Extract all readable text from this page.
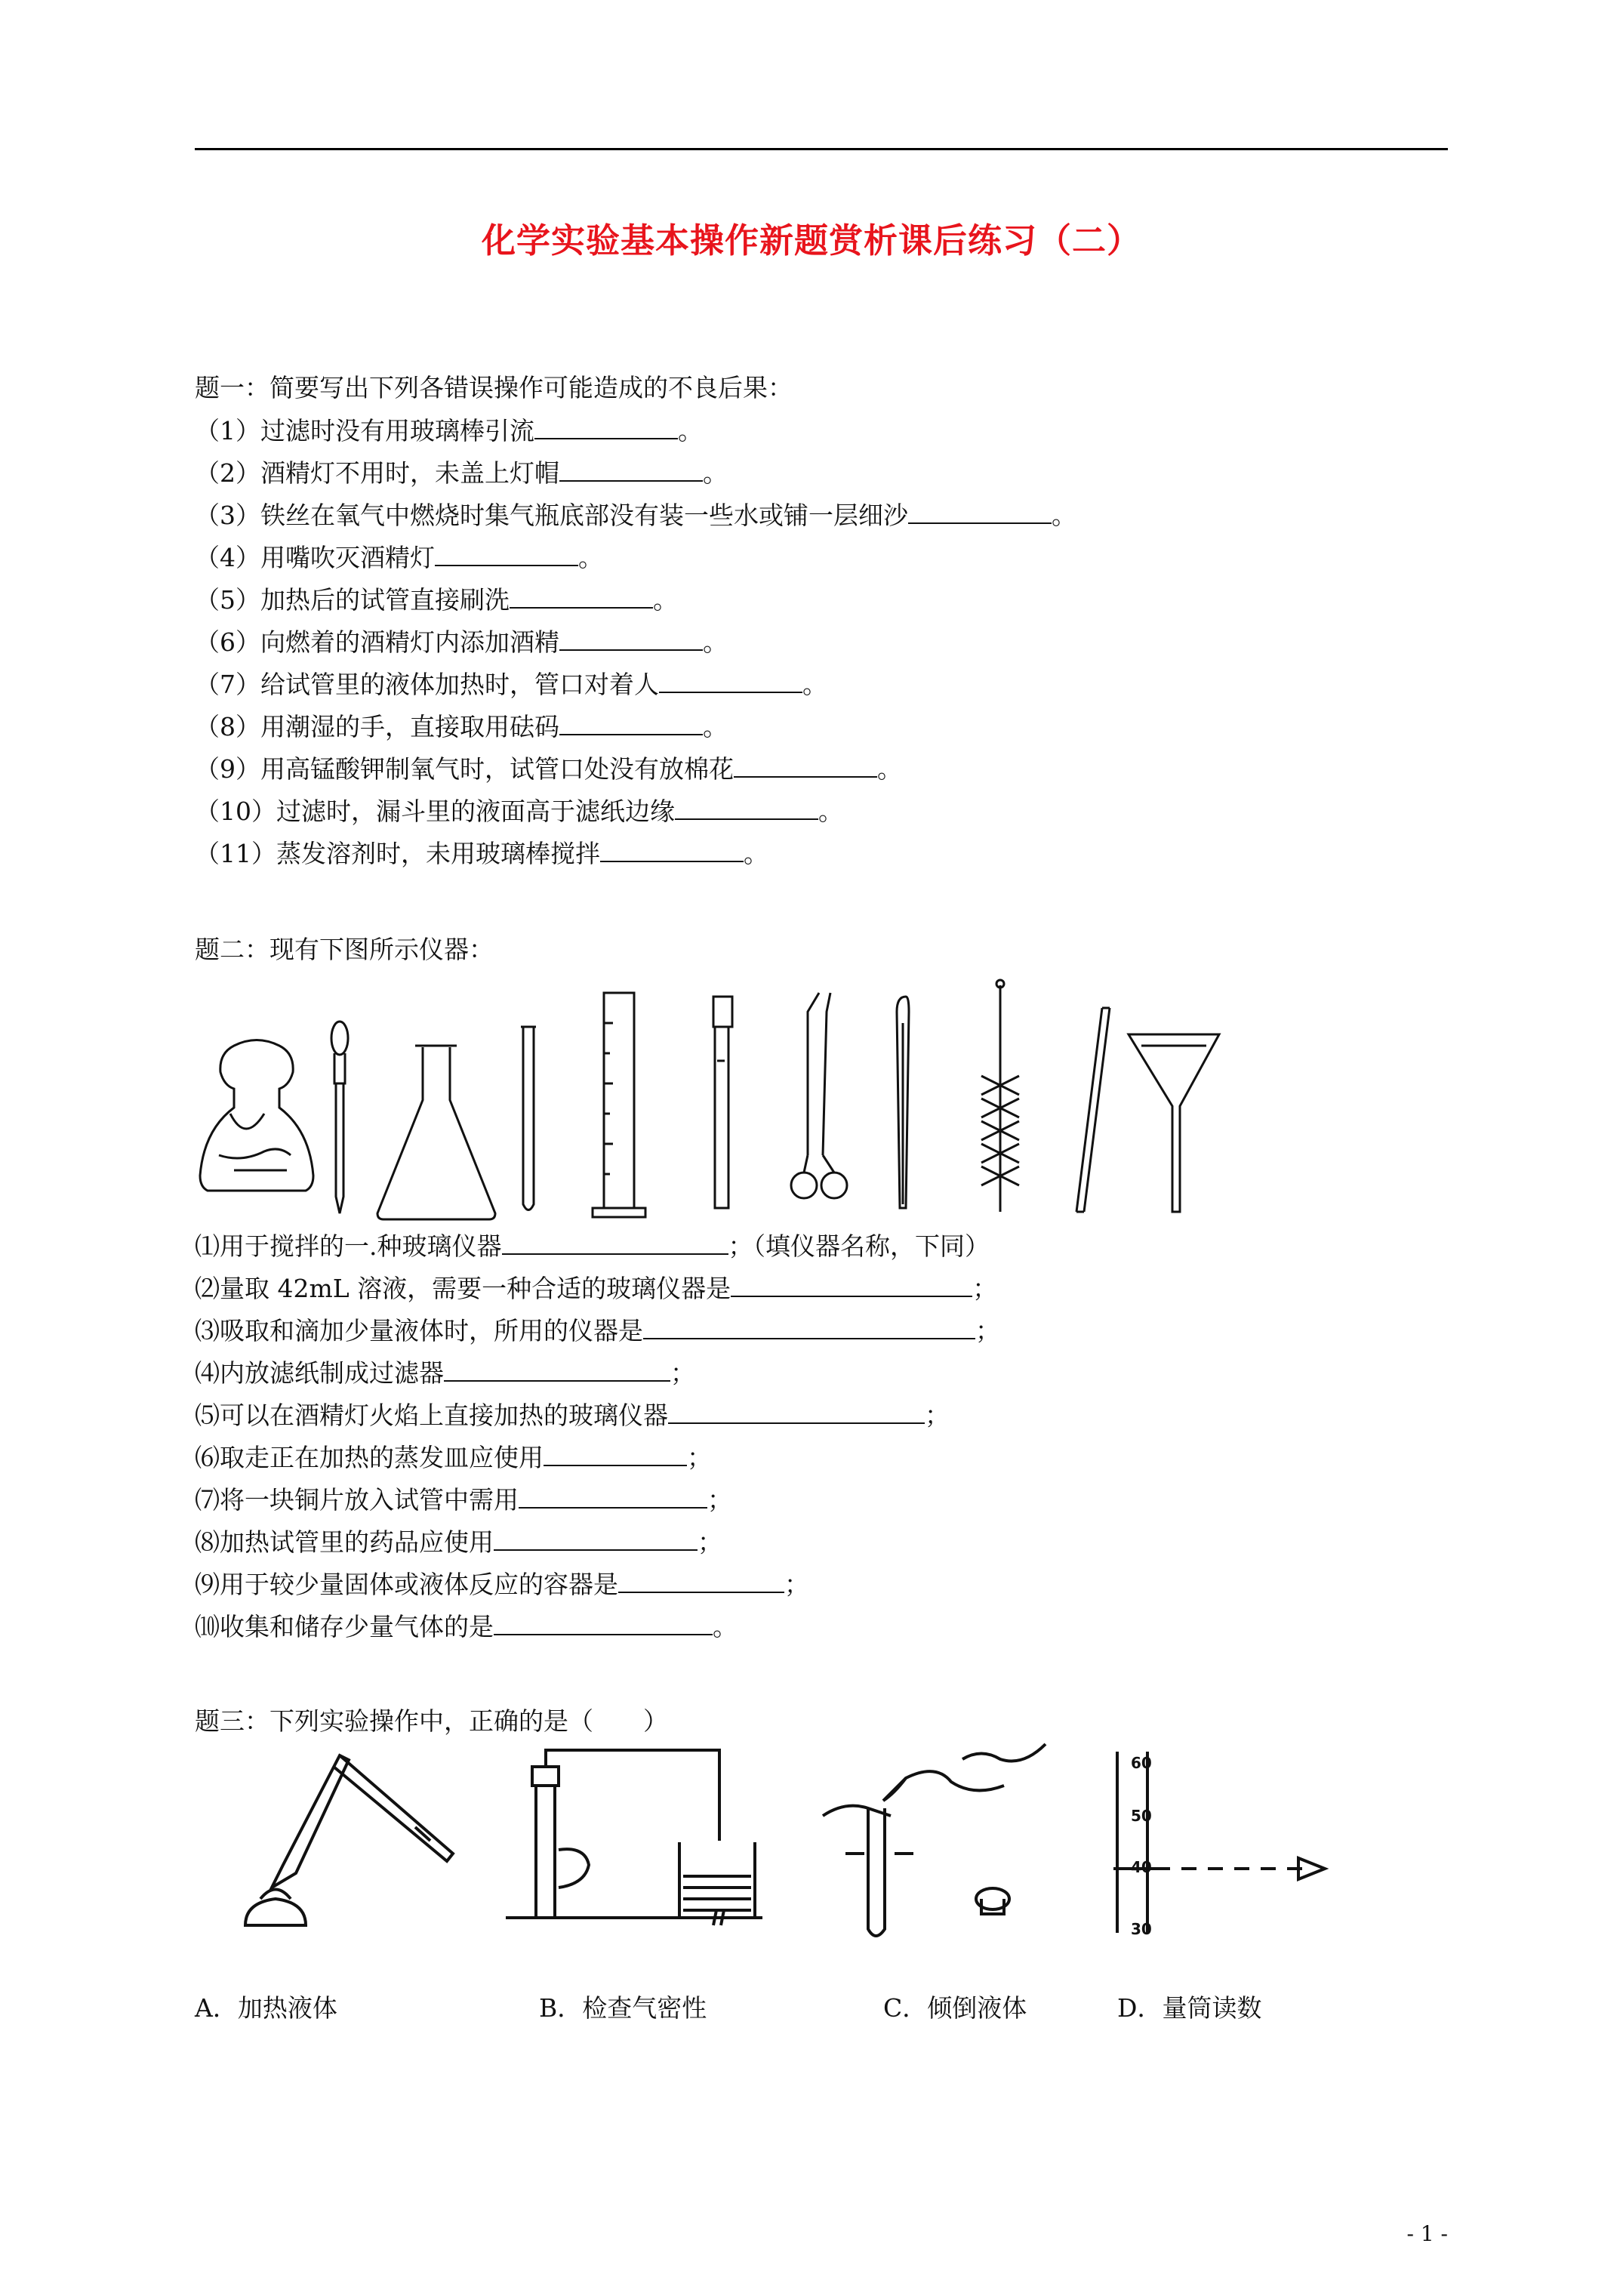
化学实验基本操作新题赏析课后练习（二）
题一：简要写出下列各错误操作可能造成的不良后果：
（1）过滤时没有用玻璃棒引流	。
（2）酒精灯不用时，未盖上灯帽	。
（3）铁丝在氧气中燃烧时集气瓶底部没有装一些水或铺一层细沙	。
（4）用嘴吹灭酒精灯	。
（5）加热后的试管直接刷洗	。
（6）向燃着的酒精灯内添加酒精	。
（7）给试管里的液体加热时，管口对着人	。
（8）用潮湿的手，直接取用砝码	。
（9）用高锰酸钾制氧气时，试管口处没有放棉花	。
（10）过滤时，漏斗里的液面高于滤纸边缘	。
（11）蒸发溶剂时，未用玻璃棒搅拌	。
题二：现有下图所示仪器：
⑴用于搅拌的一.种玻璃仪器	；（填仪器名称，下同）
⑵量取 42mL 溶液，需要一种合适的玻璃仪器是	；
⑶吸取和滴加少量液体时，所用的仪器是	；
⑷内放滤纸制成过滤器	；
⑸可以在酒精灯火焰上直接加热的玻璃仪器	；
⑹取走正在加热的蒸发皿应使用	；
⑺将一块铜片放入试管中需用	；
⑻加热试管里的药品应使用	；
⑼用于较少量固体或液体反应的容器是	；
⑽收集和储存少量气体的是	。
题三：下列实验操作中，正确的是（　　）
60
50
40
30
A．加热液体	B．检查气密性	C．倾倒液体	D．量筒读数
- 1 -
